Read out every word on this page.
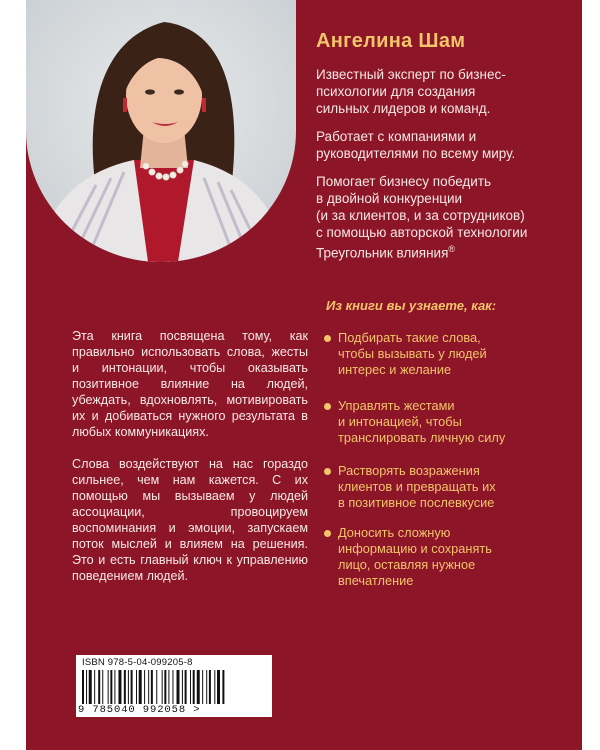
Ангелина Шам

Известный эксперт по бизнес-
психологии для создания
сильных лидеров и команд.

Работает с компаниями и
руководителями по всему миру.

Помогает бизнесу победить
в двойной конкуренции
(и за клиентов, и за сотрудников)
с помощью авторской технологии
Треугольник влияния®

Из книги вы узнаете, как:
Подбирать такие слова,
чтобы вызывать у людей
интерес и желание
Управлять жестами
и интонацией, чтобы
транслировать личную силу
Растворять возражения
клиентов и превращать их
в позитивное послевкусие
Доносить сложную
информацию и сохранять
лицо, оставляя нужное
впечатление

Эта книга посвящена тому, как правильно использовать слова, жесты и интонации, чтобы оказывать позитивное влияние на людей, убеждать, вдохновлять, мотивировать их и добиваться нужного результата в любых коммуникациях.

Слова воздействуют на нас гораздо сильнее, чем нам кажется. С их помощью мы вызываем у людей ассоциации, провоцируем воспоминания и эмоции, запускаем поток мыслей и влияем на решения. Это и есть главный ключ к управлению поведением людей.

ISBN 978-5-04-099205-8
9 785040 992058 >
